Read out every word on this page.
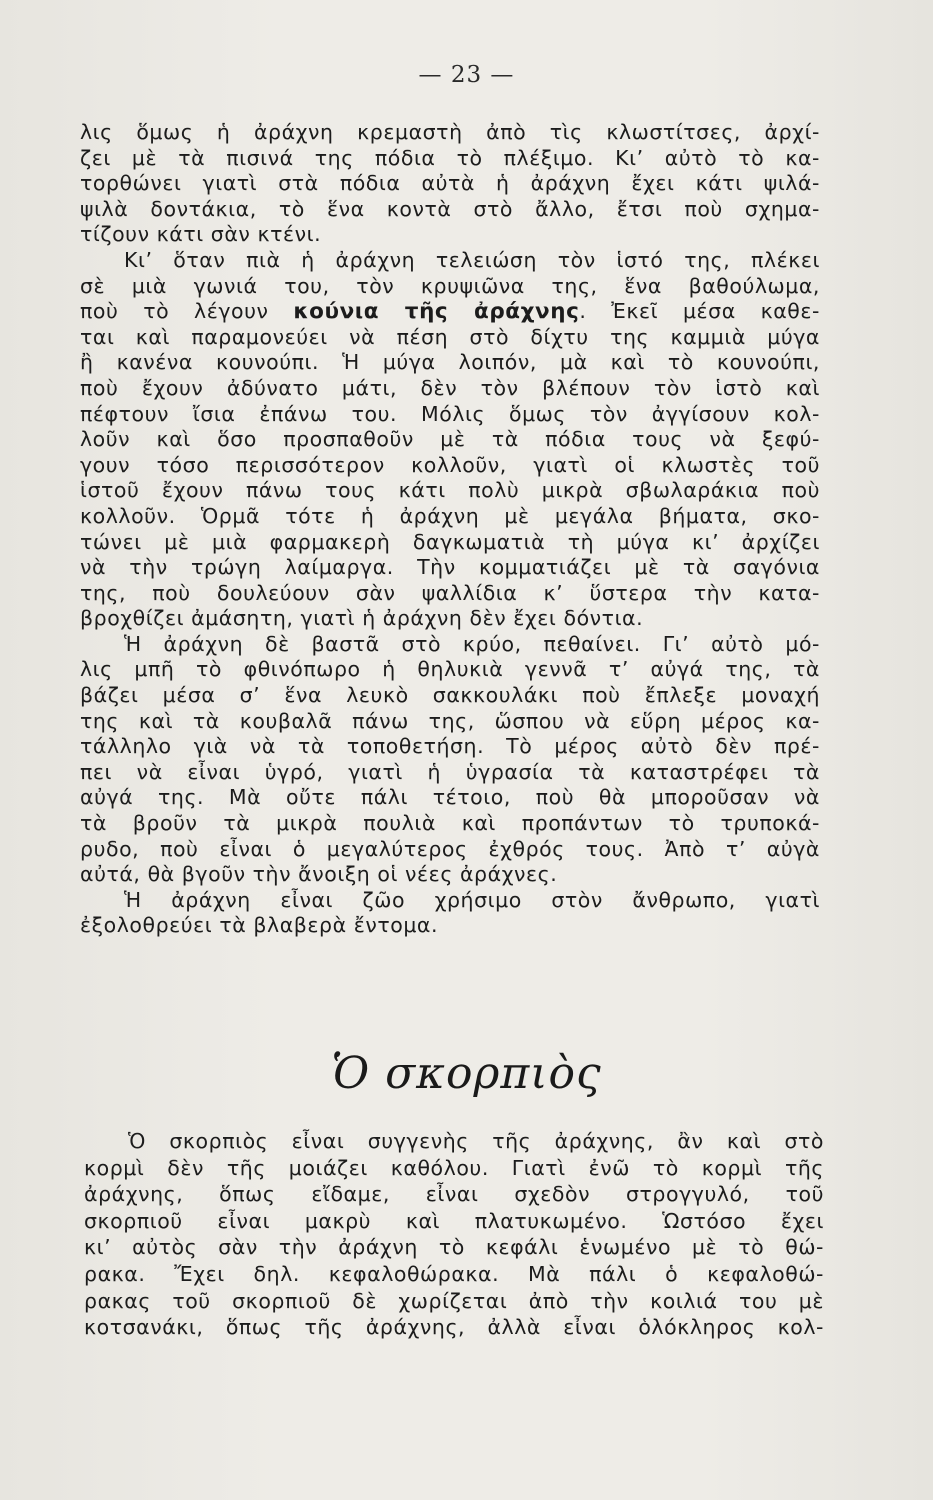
— 23 —
λις ὅμως ἡ ἀράχνη κρεμαστὴ ἀπὸ τὶς κλωστίτσες, ἀρχί-
ζει μὲ τὰ πισινά της πόδια τὸ πλέξιμο. Κι’ αὐτὸ τὸ κα-
τορθώνει γιατὶ στὰ πόδια αὐτὰ ἡ ἀράχνη ἔχει κάτι ψιλά-
ψιλὰ δοντάκια, τὸ ἕνα κοντὰ στὸ ἄλλο, ἔτσι ποὺ σχημα-
τίζουν κάτι σὰν κτένι.
Κι’ ὅταν πιὰ ἡ ἀράχνη τελειώση τὸν ἱστό της, πλέκει
σὲ μιὰ γωνιά του, τὸν κρυψιῶνα της, ἕνα βαθούλωμα,
ποὺ τὸ λέγουν κούνια τῆς ἀράχνης. Ἐκεῖ μέσα καθε-
ται καὶ παραμονεύει νὰ πέση στὸ δίχτυ της καμμιὰ μύγα
ἢ κανένα κουνούπι. Ἡ μύγα λοιπόν, μὰ καὶ τὸ κουνούπι,
ποὺ ἔχουν ἀδύνατο μάτι, δὲν τὸν βλέπουν τὸν ἱστὸ καὶ
πέφτουν ἴσια ἐπάνω του. Μόλις ὅμως τὸν ἀγγίσουν κολ-
λοῦν καὶ ὅσο προσπαθοῦν μὲ τὰ πόδια τους νὰ ξεφύ-
γουν τόσο περισσότερον κολλοῦν, γιατὶ οἱ κλωστὲς τοῦ
ἱστοῦ ἔχουν πάνω τους κάτι πολὺ μικρὰ σβωλαράκια ποὺ
κολλοῦν. Ὁρμᾶ τότε ἡ ἀράχνη μὲ μεγάλα βήματα, σκο-
τώνει μὲ μιὰ φαρμακερὴ δαγκωματιὰ τὴ μύγα κι’ ἀρχίζει
νὰ τὴν τρώγη λαίμαργα. Τὴν κομματιάζει μὲ τὰ σαγόνια
της, ποὺ δουλεύουν σὰν ψαλλίδια κ’ ὕστερα τὴν κατα-
βροχθίζει ἀμάσητη, γιατὶ ἡ ἀράχνη δὲν ἔχει δόντια.
Ἡ ἀράχνη δὲ βαστᾶ στὸ κρύο, πεθαίνει. Γι’ αὐτὸ μό-
λις μπῆ τὸ φθινόπωρο ἡ θηλυκιὰ γεννᾶ τ’ αὐγά της, τὰ
βάζει μέσα σ’ ἕνα λευκὸ σακκουλάκι ποὺ ἔπλεξε μοναχή
της καὶ τὰ κουβαλᾶ πάνω της, ὥσπου νὰ εὕρη μέρος κα-
τάλληλο γιὰ νὰ τὰ τοποθετήση. Τὸ μέρος αὐτὸ δὲν πρέ-
πει νὰ εἶναι ὑγρό, γιατὶ ἡ ὑγρασία τὰ καταστρέφει τὰ
αὐγά της. Μὰ οὔτε πάλι τέτοιο, ποὺ θὰ μποροῦσαν νὰ
τὰ βροῦν τὰ μικρὰ πουλιὰ καὶ προπάντων τὸ τρυποκά-
ρυδο, ποὺ εἶναι ὁ μεγαλύτερος ἐχθρός τους. Ἀπὸ τ’ αὐγὰ
αὐτά, θὰ βγοῦν τὴν ἄνοιξη οἱ νέες ἀράχνες.
Ἡ ἀράχνη εἶναι ζῶο χρήσιμο στὸν ἄνθρωπο, γιατὶ
ἐξολοθρεύει τὰ βλαβερὰ ἔντομα.
Ὁ σκορπιὸς
Ὁ σκορπιὸς εἶναι συγγενὴς τῆς ἀράχνης, ἂν καὶ στὸ
κορμὶ δὲν τῆς μοιάζει καθόλου. Γιατὶ ἐνῶ τὸ κορμὶ τῆς
ἀράχνης, ὅπως εἴδαμε, εἶναι σχεδὸν στρογγυλό, τοῦ
σκορπιοῦ εἶναι μακρὺ καὶ πλατυκωμένο. Ὡστόσο ἔχει
κι’ αὐτὸς σὰν τὴν ἀράχνη τὸ κεφάλι ἑνωμένο μὲ τὸ θώ-
ρακα. Ἔχει δηλ. κεφαλοθώρακα. Μὰ πάλι ὁ κεφαλοθώ-
ρακας τοῦ σκορπιοῦ δὲ χωρίζεται ἀπὸ τὴν κοιλιά του μὲ
κοτσανάκι, ὅπως τῆς ἀράχνης, ἀλλὰ εἶναι ὁλόκληρος κολ-
